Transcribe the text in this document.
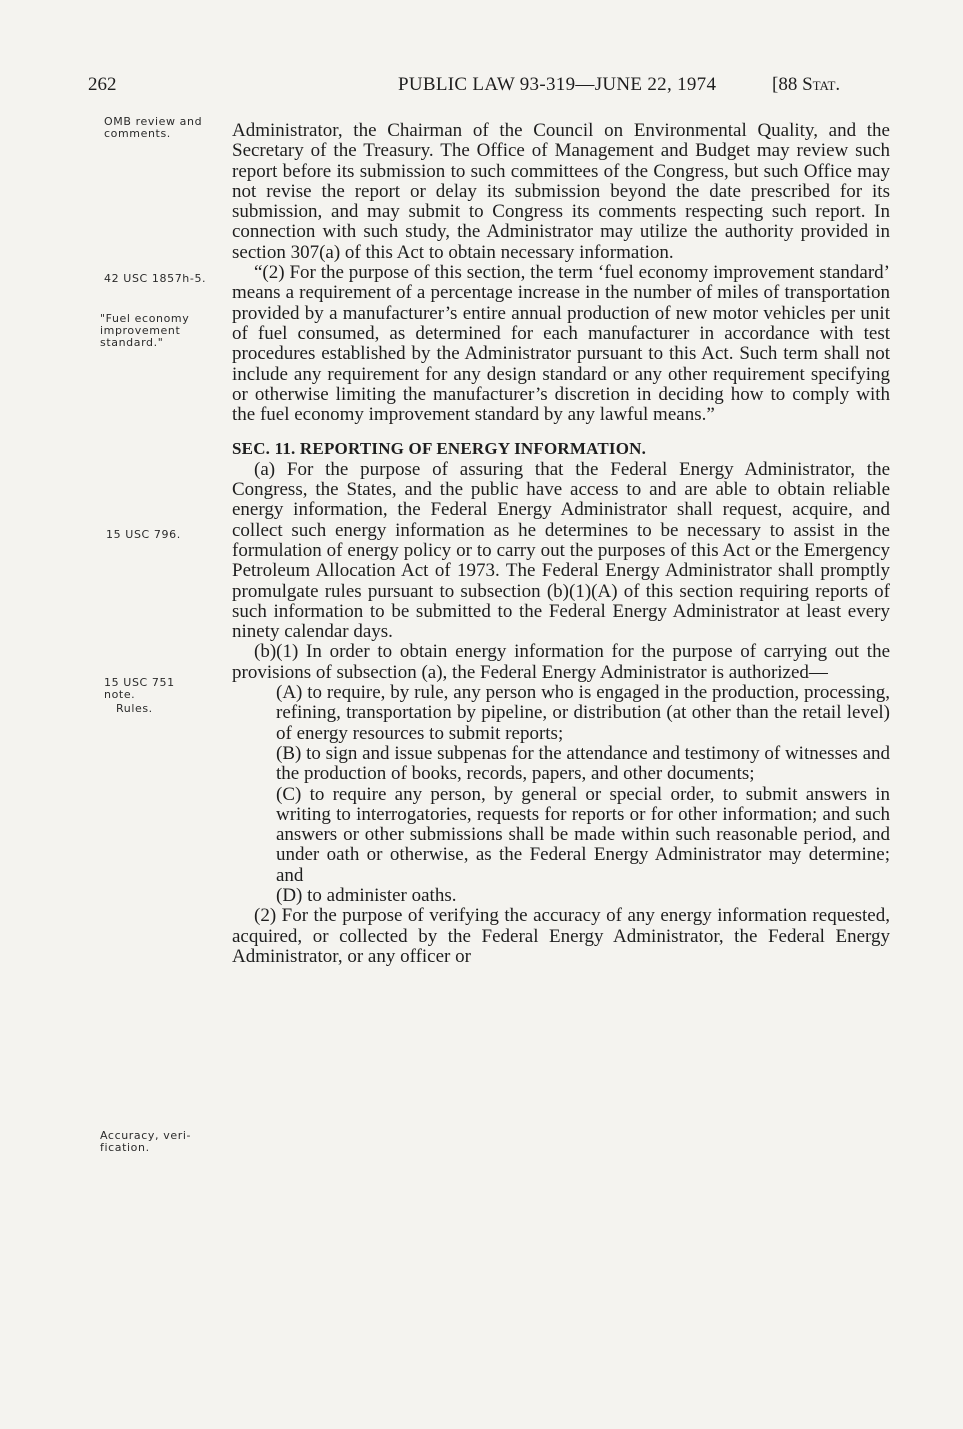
262	PUBLIC LAW 93-319—JUNE 22, 1974	[88 Stat.
OMB review and
comments.
42 USC 1857h-5.
"Fuel economy
improvement
standard."
15 USC 796.
15 USC 751
note.
Rules.
Accuracy, veri-
fication.

Administrator, the Chairman of the Council on Environmental Quality, and the Secretary of the Treasury. The Office of Management and Budget may review such report before its submission to such committees of the Congress, but such Office may not revise the report or delay its submission beyond the date prescribed for its submission, and may submit to Congress its comments respecting such report. In connection with such study, the Administrator may utilize the authority provided in section 307(a) of this Act to obtain necessary information.

“(2) For the purpose of this section, the term ‘fuel economy improvement standard’ means a requirement of a percentage increase in the number of miles of transportation provided by a manufacturer’s entire annual production of new motor vehicles per unit of fuel consumed, as determined for each manufacturer in accordance with test procedures established by the Administrator pursuant to this Act. Such term shall not include any requirement for any design standard or any other requirement specifying or otherwise limiting the manufacturer’s discretion in deciding how to comply with the fuel economy improvement standard by any lawful means.”

SEC. 11. REPORTING OF ENERGY INFORMATION.

(a) For the purpose of assuring that the Federal Energy Administrator, the Congress, the States, and the public have access to and are able to obtain reliable energy information, the Federal Energy Administrator shall request, acquire, and collect such energy information as he determines to be necessary to assist in the formulation of energy policy or to carry out the purposes of this Act or the Emergency Petroleum Allocation Act of 1973. The Federal Energy Administrator shall promptly promulgate rules pursuant to subsection (b)(1)(A) of this section requiring reports of such information to be submitted to the Federal Energy Administrator at least every ninety calendar days.

(b)(1) In order to obtain energy information for the purpose of carrying out the provisions of subsection (a), the Federal Energy Administrator is authorized—

(A) to require, by rule, any person who is engaged in the production, processing, refining, transportation by pipeline, or distribution (at other than the retail level) of energy resources to submit reports;

(B) to sign and issue subpenas for the attendance and testimony of witnesses and the production of books, records, papers, and other documents;

(C) to require any person, by general or special order, to submit answers in writing to interrogatories, requests for reports or for other information; and such answers or other submissions shall be made within such reasonable period, and under oath or otherwise, as the Federal Energy Administrator may determine; and

(D) to administer oaths.

(2) For the purpose of verifying the accuracy of any energy information requested, acquired, or collected by the Federal Energy Administrator, the Federal Energy Administrator, or any officer or
